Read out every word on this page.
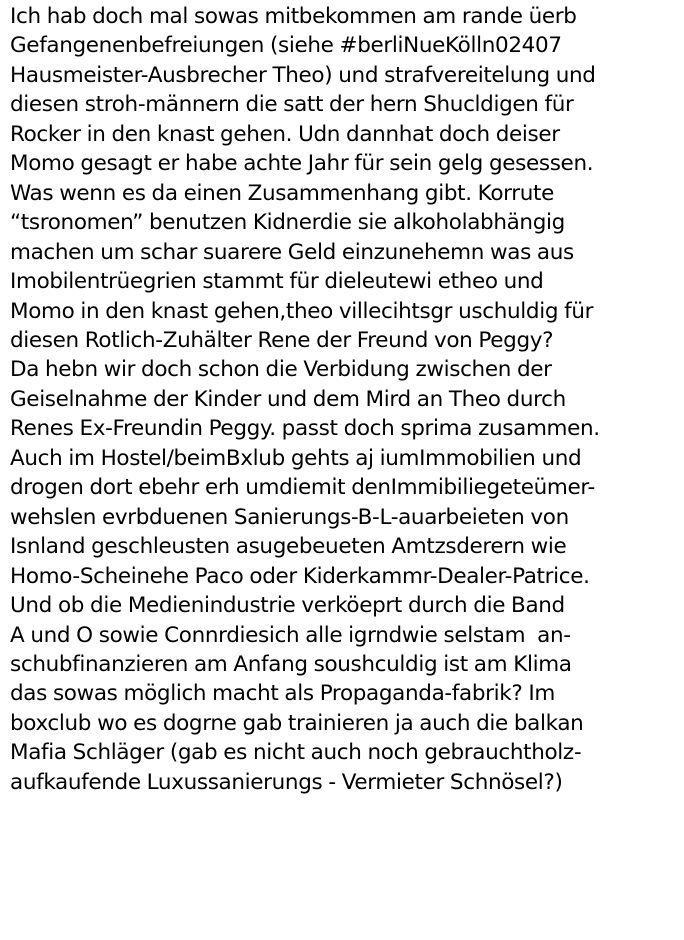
Ich hab doch mal sowas mitbekommen am rande üerb
Gefangenenbefreiungen (siehe #berliNueKölln02407
Hausmeister-Ausbrecher Theo) und strafvereitelung und
diesen stroh-männern die satt der hern Shucldigen für
Rocker in den knast gehen. Udn dannhat doch deiser
Momo gesagt er habe achte Jahr für sein gelg gesessen.
Was wenn es da einen Zusammenhang gibt. Korrute
“tsronomen” benutzen Kidnerdie sie alkoholabhängig
machen um schar suarere Geld einzunehemn was aus
Imobilentrüegrien stammt für dieleutewi etheo und
Momo in den knast gehen,theo villecihtsgr uschuldig für
diesen Rotlich-Zuhälter Rene der Freund von Peggy?
Da hebn wir doch schon die Verbidung zwischen der
Geiselnahme der Kinder und dem Mird an Theo durch
Renes Ex-Freundin Peggy. passt doch sprima zusammen.
Auch im Hostel/beimBxlub gehts aj iumImmobilien und
drogen dort ebehr erh umdiemit denImmibiliegeteümer-
wehslen evrbduenen Sanierungs-B-L-auarbeieten von
Isnland geschleusten asugebeueten Amtzsderern wie
Homo-Scheinehe Paco oder Kiderkammr-Dealer-Patrice.
Und ob die Medienindustrie verköeprt durch die Band
A und O sowie Connrdiesich alle igrndwie selstam  an-
schubfinanzieren am Anfang soushculdig ist am Klima
das sowas möglich macht als Propaganda-fabrik? Im
boxclub wo es dogrne gab trainieren ja auch die balkan
Mafia Schläger (gab es nicht auch noch gebrauchtholz-
aufkaufende Luxussanierungs - Vermieter Schnösel?)
